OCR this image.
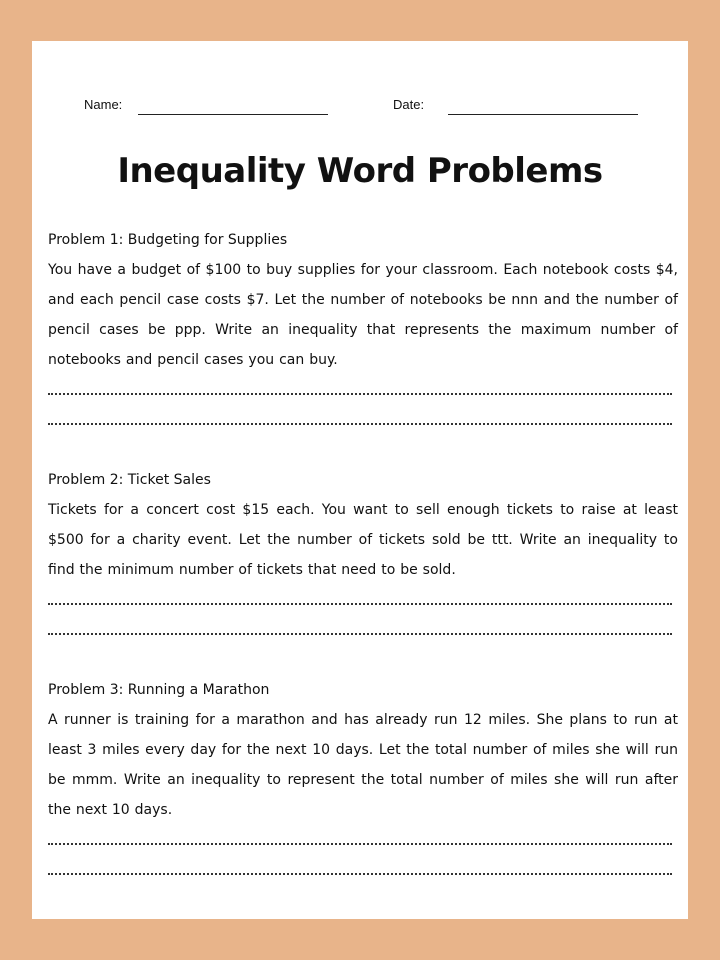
Name:	Date:
Inequality Word Problems
Problem 1: Budgeting for Supplies
You have a budget of $100 to buy supplies for your classroom. Each notebook costs $4, and each pencil case costs $7. Let the number of notebooks be nnn and the number of pencil cases be ppp. Write an inequality that represents the maximum number of notebooks and pencil cases you can buy.
Problem 2: Ticket Sales
Tickets for a concert cost $15 each. You want to sell enough tickets to raise at least $500 for a charity event. Let the number of tickets sold be ttt. Write an inequality to find the minimum number of tickets that need to be sold.
Problem 3: Running a Marathon
A runner is training for a marathon and has already run 12 miles. She plans to run at least 3 miles every day for the next 10 days. Let the total number of miles she will run be mmm. Write an inequality to represent the total number of miles she will run after the next 10 days.
